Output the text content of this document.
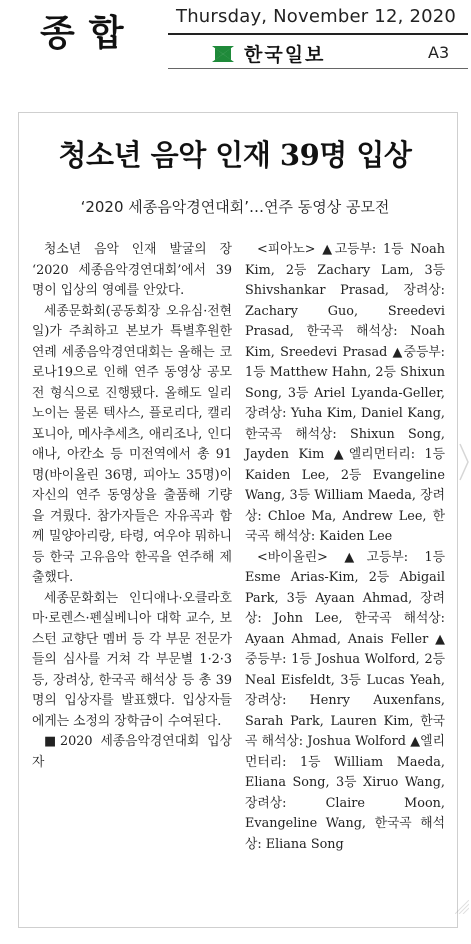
종합 Thursday, November 12, 2020
한국일보	A3
청소년 음악 인재 39명 입상
‘2020 세종음악경연대회’…연주 동영상 공모전

청소년 음악 인재 발굴의 장 ‘2020 세종음악경연대회’에서 39명이 입상의 영예를 안았다.

세종문화회(공동회장 오유심·전현일)가 주최하고 본보가 특별후원한 연례 세종음악경연대회는 올해는 코로나19으로 인해 연주 동영상 공모전 형식으로 진행됐다. 올해도 일리노이는 물론 텍사스, 플로리다, 캘리포니아, 메사추세츠, 애리조나, 인디애나, 아칸소 등 미전역에서 총 91명(바이올린 36명, 피아노 35명)이 자신의 연주 동영상을 출품해 기량을 겨뤘다. 참가자들은 자유곡과 함께 밀양아리랑, 타령, 여우야 뭐하니 등 한국 고유음악 한곡을 연주해 제출했다.

세종문화회는 인디애나·오클라호마·로렌스·펜실베니아 대학 교수, 보스턴 교향단 멤버 등 각 부문 전문가들의 심사를 거쳐 각 부문별 1·2·3등, 장려상, 한국곡 해석상 등 총 39명의 입상자를 발표했다. 입상자들에게는 소정의 장학금이 수여된다.

■2020 세종음악경연대회 입상자

<피아노> ▲고등부: 1등 Noah Kim, 2등 Zachary Lam, 3등 Shivshankar Prasad, 장려상: Zachary Guo, Sreedevi Prasad, 한국곡 해석상: Noah Kim, Sreedevi Prasad ▲중등부: 1등 Matthew Hahn, 2등 Shixun Song, 3등 Ariel Lyanda-Geller, 장려상: Yuha Kim, Daniel Kang, 한국곡 해석상: Shixun Song, Jayden Kim ▲엘리먼터리: 1등 Kaiden Lee, 2등 Evangeline Wang, 3등 William Maeda, 장려상: Chloe Ma, Andrew Lee, 한국곡 해석상: Kaiden Lee

<바이올린> ▲고등부: 1등 Esme Arias-Kim, 2등 Abigail Park, 3등 Ayaan Ahmad, 장려상: John Lee, 한국곡 해석상: Ayaan Ahmad, Anais Feller ▲중등부: 1등 Joshua Wolford, 2등 Neal Eisfeldt, 3등 Lucas Yeah, 장려상: Henry Auxenfans, Sarah Park, Lauren Kim, 한국곡 해석상: Joshua Wolford ▲엘리먼터리: 1등 William Maeda, Eliana Song, 3등 Xiruo Wang, 장려상: Claire Moon, Evangeline Wang, 한국곡 해석상: Eliana Song
